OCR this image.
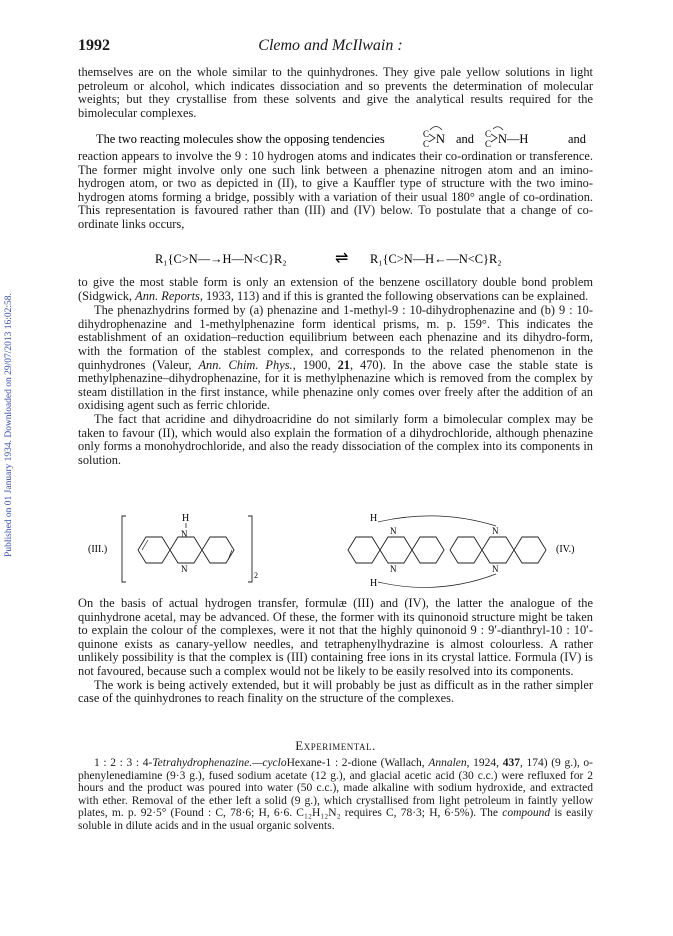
Published on 01 January 1934. Downloaded on 29/07/2013 16:02:58.
1992	Clemo and McIlwain :

themselves are on the whole similar to the quinhydrones. They give pale yellow solutions in light petroleum or alcohol, which indicates dissociation and so prevents the determination of molecular weights; but they crystallise from these solvents and give the analytical results required for the bimolecular complexes.

The two reacting molecules show the opposing tendencies	C
C N and C
C N—H	and

reaction appears to involve the 9 : 10 hydrogen atoms and indicates their co-ordination or transference. The former might involve only one such link between a phenazine nitrogen atom and an imino-hydrogen atom, or two as depicted in (II), to give a Kauffler type of structure with the two imino-hydrogen atoms forming a bridge, possibly with a variation of their usual 180° angle of co-ordination. This representation is favoured rather than (III) and (IV) below. To postulate that a change of co-ordinate links occurs,

R₁{C>N—→H—N<C}R₂	⇌ R₁{C>N—H←—N<C}R₂

to give the most stable form is only an extension of the benzene oscillatory double bond problem (Sidgwick, Ann. Reports, 1933, 113) and if this is granted the following observations can be explained.

The phenazhydrins formed by (a) phenazine and 1-methyl-9 : 10-dihydrophenazine and (b) 9 : 10-dihydrophenazine and 1-methylphenazine form identical prisms, m. p. 159°. This indicates the establishment of an oxidation–reduction equilibrium between each phenazine and its dihydro-form, with the formation of the stablest complex, and corresponds to the related phenomenon in the quinhydrones (Valeur, Ann. Chim. Phys., 1900, 21, 470). In the above case the stable state is methylphenazine–dihydrophenazine, for it is methylphenazine which is removed from the complex by steam distillation in the first instance, while phenazine only comes over freely after the addition of an oxidising agent such as ferric chloride.

The fact that acridine and dihydroacridine do not similarly form a bimolecular complex may be taken to favour (II), which would also explain the formation of a dihydrochloride, although phenazine only forms a monohydrochloride, and also the ready dissociation of the complex into its components in solution.

(III.)
2
H
N
N
H
H
N
N
N
N
(IV.)

On the basis of actual hydrogen transfer, formulæ (III) and (IV), the latter the analogue of the quinhydrone acetal, may be advanced. Of these, the former with its quinonoid structure might be taken to explain the colour of the complexes, were it not that the highly quinonoid 9 : 9′-dianthryl-10 : 10′-quinone exists as canary-yellow needles, and tetraphenylhydrazine is almost colourless. A rather unlikely possibility is that the complex is (III) containing free ions in its crystal lattice. Formula (IV) is not favoured, because such a complex would not be likely to be easily resolved into its components.

The work is being actively extended, but it will probably be just as difficult as in the rather simpler case of the quinhydrones to reach finality on the structure of the complexes.

Experimental.

1 : 2 : 3 : 4-Tetrahydrophenazine.—cycloHexane-1 : 2-dione (Wallach, Annalen, 1924, 437, 174) (9 g.), o-phenylenediamine (9·3 g.), fused sodium acetate (12 g.), and glacial acetic acid (30 c.c.) were refluxed for 2 hours and the product was poured into water (50 c.c.), made alkaline with sodium hydroxide, and extracted with ether. Removal of the ether left a solid (9 g.), which crystallised from light petroleum in faintly yellow plates, m. p. 92·5° (Found : C, 78·6; H, 6·6. C₁₂H₁₂N₂ requires C, 78·3; H, 6·5%). The compound is easily soluble in dilute acids and in the usual organic solvents.
